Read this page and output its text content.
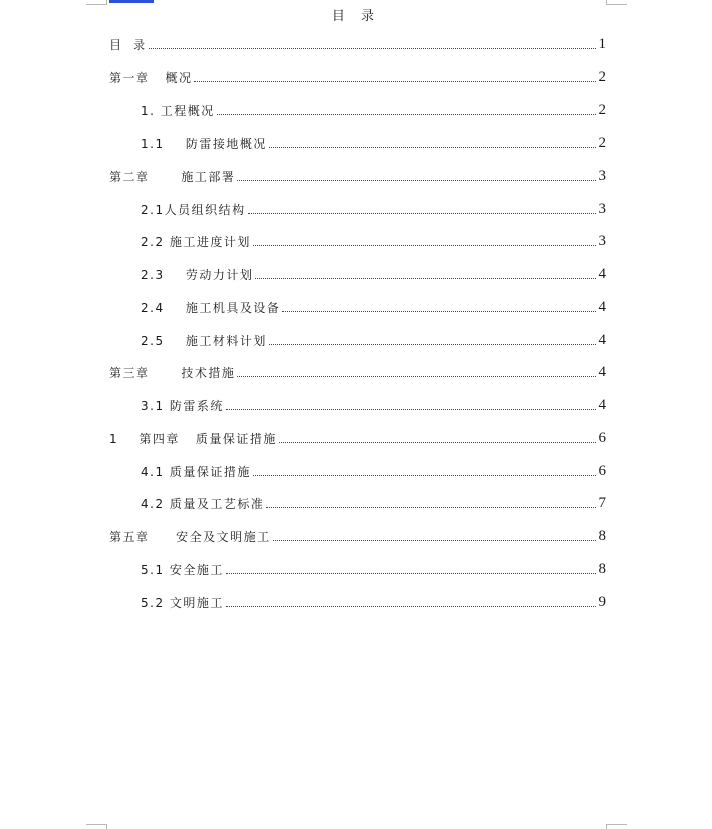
目 录
目  录	1
第一章   概况	2
1. 工程概况	2
1.1    防雷接地概况	2
第二章      施工部署	3
2.1人员组织结构	3
2.2 施工进度计划	3
2.3    劳动力计划	4
2.4    施工机具及设备	4
2.5    施工材料计划	4
第三章      技术措施	4
3.1 防雷系统	4
1    第四章   质量保证措施	6
4.1 质量保证措施	6
4.2 质量及工艺标准	7
第五章     安全及文明施工	8
5.1 安全施工	8
5.2 文明施工	9
